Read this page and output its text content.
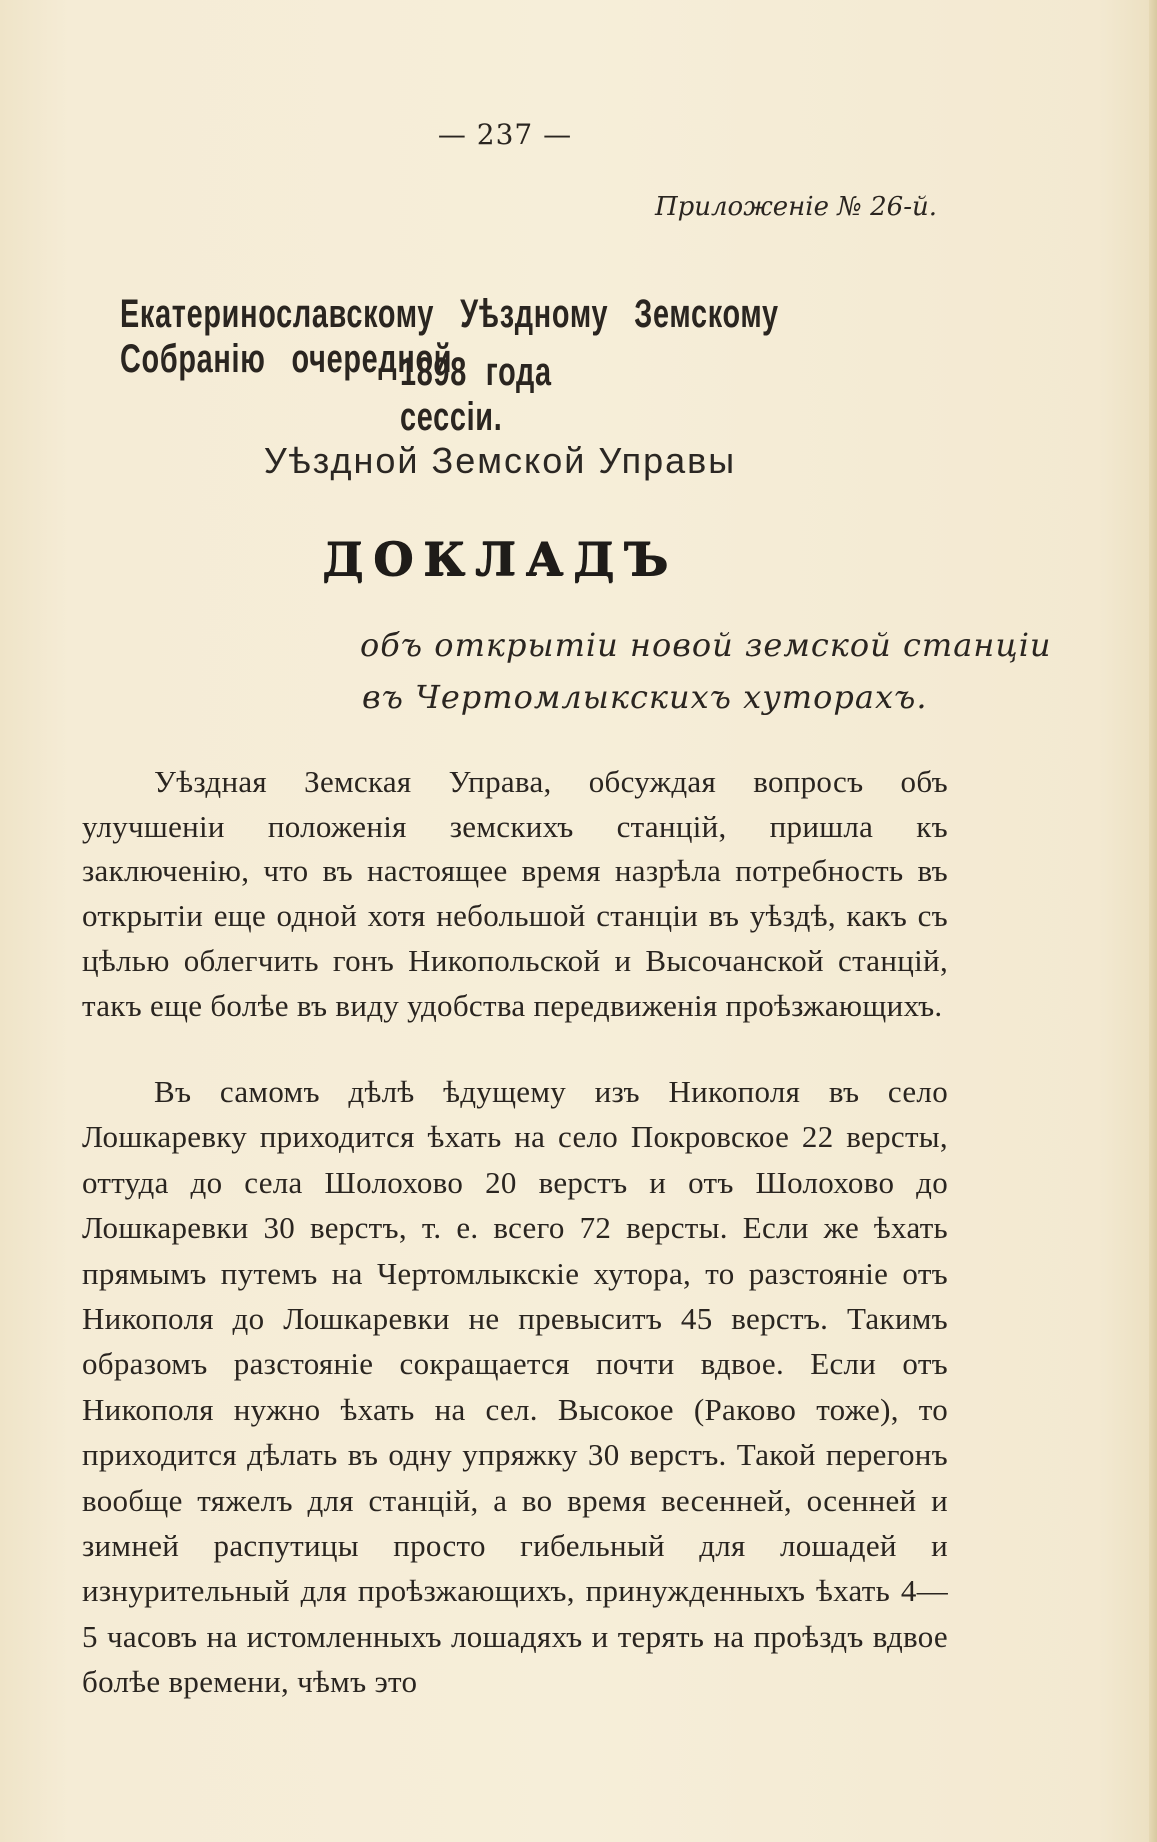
— 237 —
Приложеніе № 26-й.
Екатеринославскому Уѣздному Земскому Собранію очередной
1898 года сессіи.
Уѣздной Земской Управы
ДОКЛАДЪ
объ открытіи новой земской станціи
въ Чертомлыкскихъ хуторахъ.
Уѣздная Земская Управа, обсуждая вопросъ объ улучшеніи положенія земскихъ станцій, пришла къ заключенію, что въ настоящее время назрѣла потребность въ открытіи еще одной хотя небольшой станціи въ уѣздѣ, какъ съ цѣлью облегчить гонъ Никопольской и Высочанской станцій, такъ еще болѣе въ виду удобства передвиженія проѣзжающихъ.
Въ самомъ дѣлѣ ѣдущему изъ Никополя въ село Лошкаревку приходится ѣхать на село Покровское 22 версты, оттуда до села Шолохово 20 верстъ и отъ Шолохово до Лошкаревки 30 верстъ, т. е. всего 72 версты. Если же ѣхать прямымъ путемъ на Чертомлыкскіе хутора, то разстояніе отъ Никополя до Лошкаревки не превыситъ 45 верстъ. Такимъ образомъ разстояніе сокращается почти вдвое. Если отъ Никополя нужно ѣхать на сел. Высокое (Раково тоже), то приходится дѣлать въ одну упряжку 30 верстъ. Такой перегонъ вообще тяжелъ для станцій, а во время весенней, осенней и зимней распутицы просто гибельный для лошадей и изнурительный для проѣзжающихъ, принужденныхъ ѣхать 4—5 часовъ на истомленныхъ лошадяхъ и терять на проѣздъ вдвое болѣе времени, чѣмъ это
